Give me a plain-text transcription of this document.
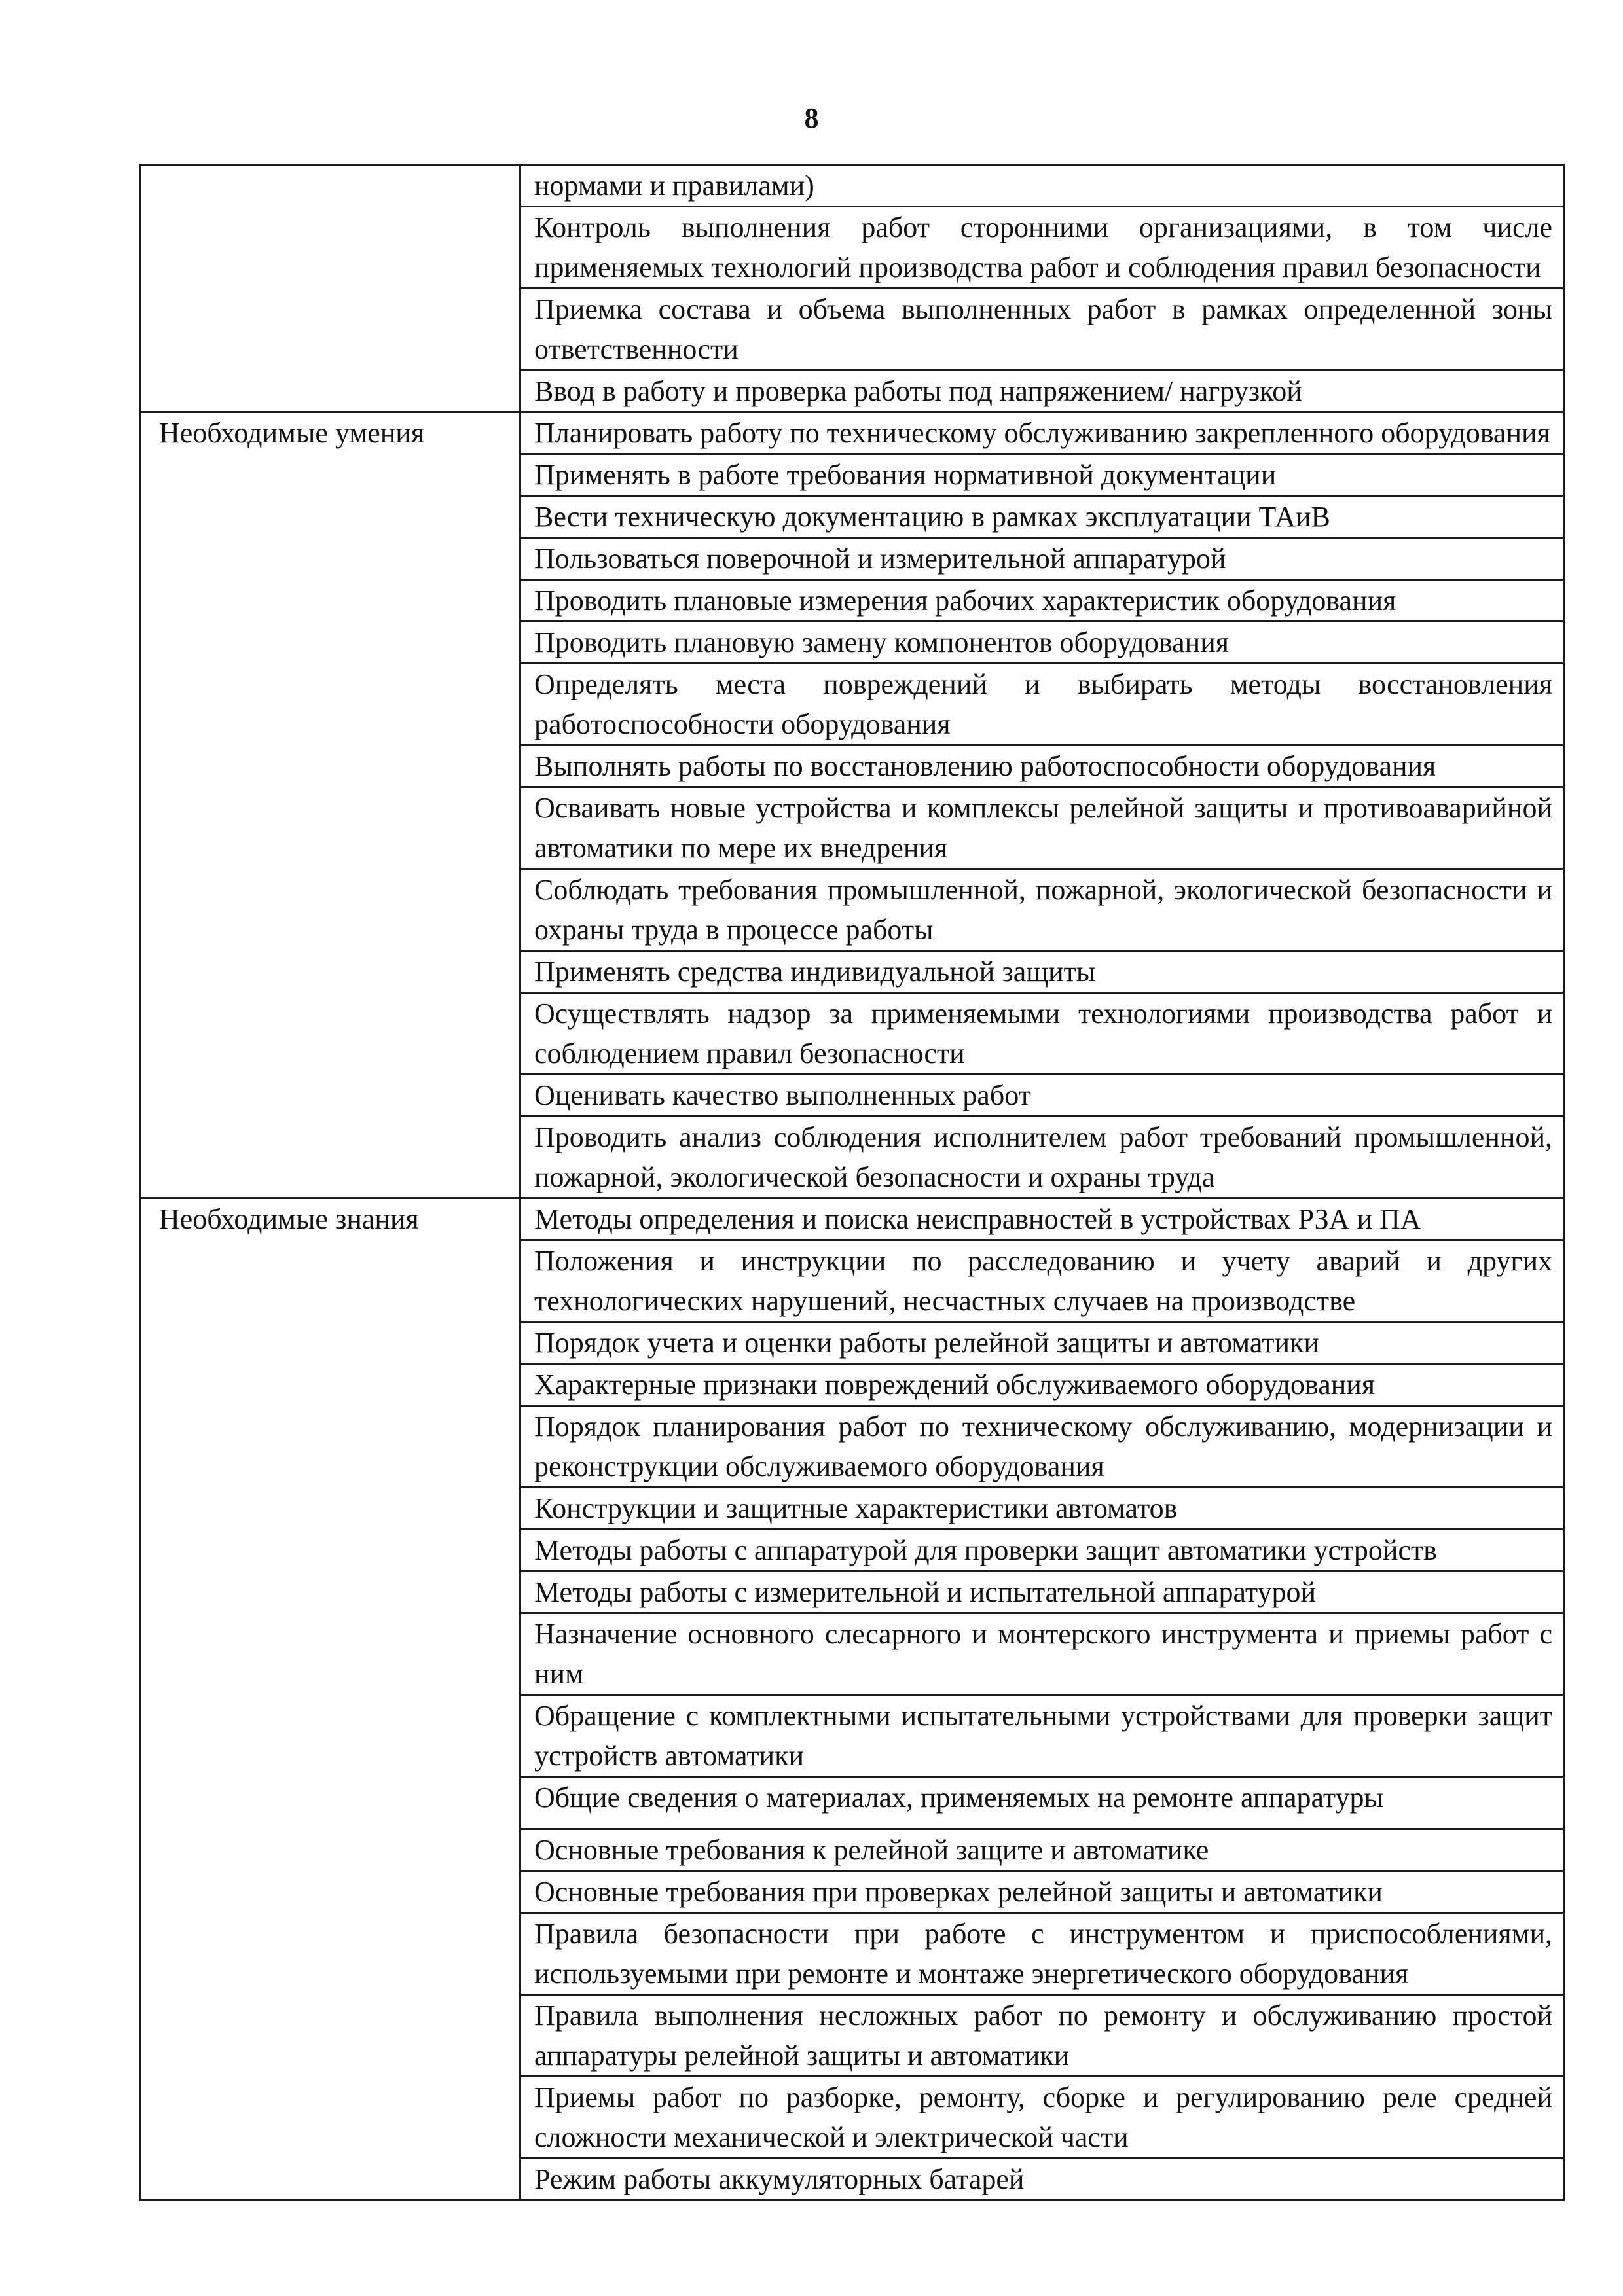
8
	нормами и правилами)
	Контроль выполнения работ сторонними организациями, в том числе применяемых технологий производства работ и соблюдения правил безопасности
	Приемка состава и объема выполненных работ в рамках определенной зоны ответственности
	Ввод в работу и проверка работы под напряжением/ нагрузкой
Необходимые умения	Планировать работу по техническому обслуживанию закрепленного оборудования
	Применять в работе требования нормативной документации
	Вести техническую документацию в рамках эксплуатации ТАиВ
	Пользоваться поверочной и измерительной аппаратурой
	Проводить плановые измерения рабочих характеристик оборудования
	Проводить плановую замену компонентов оборудования
	Определять места повреждений и выбирать методы восстановления работоспособности оборудования
	Выполнять работы по восстановлению работоспособности оборудования
	Осваивать новые устройства и комплексы релейной защиты и противоаварийной автоматики по мере их внедрения
	Соблюдать требования промышленной, пожарной, экологической безопасности и охраны труда в процессе работы
	Применять средства индивидуальной защиты
	Осуществлять надзор за применяемыми технологиями производства работ и соблюдением правил безопасности
	Оценивать качество выполненных работ
	Проводить анализ соблюдения исполнителем работ требований промышленной, пожарной, экологической безопасности и охраны труда
Необходимые знания	Методы определения и поиска неисправностей в устройствах РЗА и ПА
	Положения и инструкции по расследованию и учету аварий и других технологических нарушений, несчастных случаев на производстве
	Порядок учета и оценки работы релейной защиты и автоматики
	Характерные признаки повреждений обслуживаемого оборудования
	Порядок планирования работ по техническому обслуживанию, модернизации и реконструкции обслуживаемого оборудования
	Конструкции и защитные характеристики автоматов
	Методы работы с аппаратурой для проверки защит автоматики устройств
	Методы работы с измерительной и испытательной аппаратурой
	Назначение основного слесарного и монтерского инструмента и приемы работ с ним
	Обращение с комплектными испытательными устройствами для проверки защит устройств автоматики
	Общие сведения о материалах, применяемых на ремонте аппаратуры
	Основные требования к релейной защите и автоматике
	Основные требования при проверках релейной защиты и автоматики
	Правила безопасности при работе с инструментом и приспособлениями, используемыми при ремонте и монтаже энергетического оборудования
	Правила выполнения несложных работ по ремонту и обслуживанию простой аппаратуры релейной защиты и автоматики
	Приемы работ по разборке, ремонту, сборке и регулированию реле средней сложности механической и электрической части
	Режим работы аккумуляторных батарей
